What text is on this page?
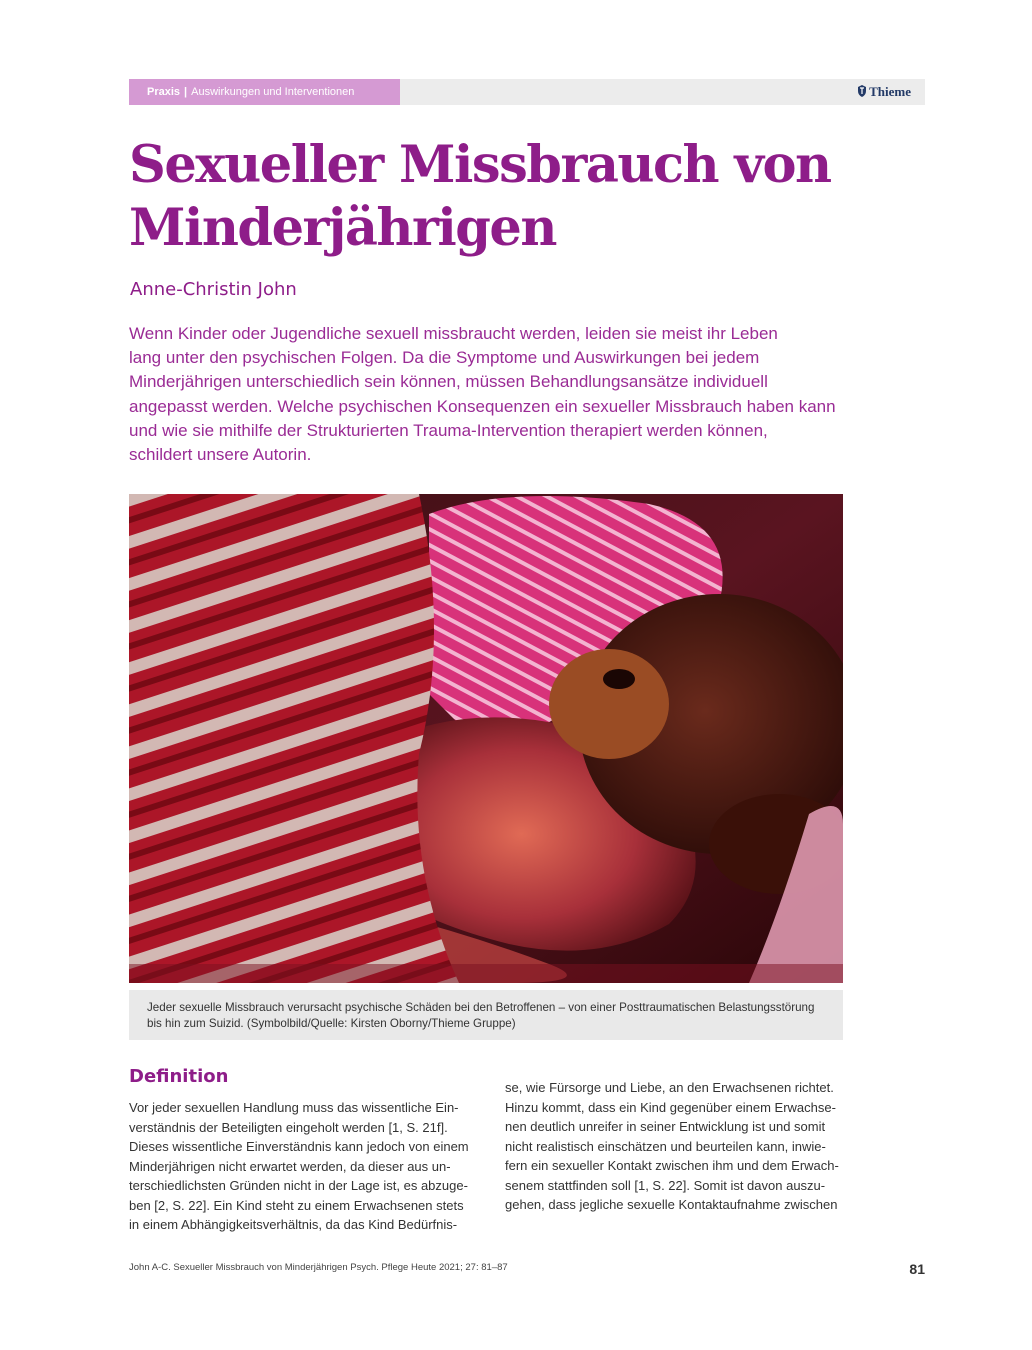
Praxis | Auswirkungen und Interventionen	Thieme
Sexueller Missbrauch von
Minderjährigen
Anne-Christin John
Wenn Kinder oder Jugendliche sexuell missbraucht werden, leiden sie meist ihr Leben
lang unter den psychischen Folgen. Da die Symptome und Auswirkungen bei jedem
Minderjährigen unterschiedlich sein können, müssen Behandlungsansätze individuell
angepasst werden. Welche psychischen Konsequenzen ein sexueller Missbrauch haben kann
und wie sie mithilfe der Strukturierten Trauma-Intervention therapiert werden können,
schildert unsere Autorin.
Jeder sexuelle Missbrauch verursacht psychische Schäden bei den Betroffenen – von einer Posttraumatischen Belastungsstörung
bis hin zum Suizid. (Symbolbild/Quelle: Kirsten Oborny/Thieme Gruppe)
Definition
Vor jeder sexuellen Handlung muss das wissentliche Ein-
verständnis der Beteiligten eingeholt werden [1, S. 21f].
Dieses wissentliche Einverständnis kann jedoch von einem
Minderjährigen nicht erwartet werden, da dieser aus un-
terschiedlichsten Gründen nicht in der Lage ist, es abzuge-
ben [2, S. 22]. Ein Kind steht zu einem Erwachsenen stets
in einem Abhängigkeitsverhältnis, da das Kind Bedürfnis-
se, wie Fürsorge und Liebe, an den Erwachsenen richtet.
Hinzu kommt, dass ein Kind gegenüber einem Erwachse-
nen deutlich unreifer in seiner Entwicklung ist und somit
nicht realistisch einschätzen und beurteilen kann, inwie-
fern ein sexueller Kontakt zwischen ihm und dem Erwach-
senem stattfinden soll [1, S. 22]. Somit ist davon auszu-
gehen, dass jegliche sexuelle Kontaktaufnahme zwischen
John A-C. Sexueller Missbrauch von Minderjährigen Psych. Pflege Heute 2021; 27: 81–87	81
